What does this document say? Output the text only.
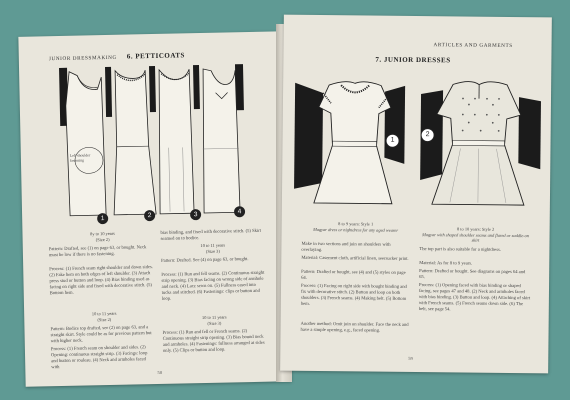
JUNIOR DRESSMAKING 6. PETTICOATS
Left shoulder fastening
1	2	3	4
8y to 10 years
(Size 2)
Pattern: Drafted, see (1) on page 63, or bought. Neck must be low if there is no fastening.
Process: (1) French seam right shoulder and down sides. (2) Fake hem on both edges of left shoulder. (3) Attach press stud or button and loop. (4) Bias binding used as facing on right side and fixed with decorative stitch. (5) Bottom hem.
10 to 11 years
(Size 2)
Pattern: Bodice top drafted, see (2) on page 63, and a straight skirt. Style could be as for previous pattern but with higher neck.
Process: (1) French seam on shoulder and sides. (2) Opening: continuous straight strip. (3) Facings: loop and button or rouleau. (4) Neck and armholes faced with
bias binding, and fixed with decorative stitch. (5) Skirt seamed on to bodice.
10 to 11 years
(Size 3)
Pattern: Drafted. See (4) on page 63, or bought.
Process: (1) Run and fell seams. (2) Continuous straight strip opening. (3) Bias facing on wrong side of armhole and neck. (4) Lace sewn on. (5) Fullness eased into tucks and stitched. (6) Fastenings: clips or button and loop.
10 to 11 years
(Size 3)
Process: (1) Run and fell or French seams. (2) Continuous straight strip opening. (3) Bias bound neck and armholes. (4) Fastenings: fullness arranged at sides only. (5) Clips or button and loop.
58
ARTICLES AND GARMENTS
7. JUNIOR DRESSES
1
2
8 to 9 years: Style 1
Magyar dress or nightdress for any aged wearer
Make in two sections and join on shoulders with overlaying.
Material: Casement cloth, artificial linen, seersucker print.
Pattern: Drafted or bought, see (4) and (5) styles on page 64.
Process: (1) Facing on right side with bought binding and fix with decorative stitch. (2) Button and loop on both shoulders. (3) French seams. (4) Making belt. (5) Bottom hem.
Another method: Omit join on shoulder. Face the neck and have a simple opening, e.g., faced opening.
8 to 10 years: Style 2
Magyar with shaped shoulder seams and flared or saddle-on skirt
The top part is also suitable for a nightdress.
Material: As for 8 to 9 years.
Pattern: Drafted or bought. See diagrams on pages 64 and 65.
Process: (1) Opening faced with bias binding or shaped facing, see pages 47 and 48. (2) Neck and armholes faced with bias binding. (3) Button and loop. (4) Attaching of skirt with French seams. (5) French seams down side. (6) The belt, see page 54.
59
